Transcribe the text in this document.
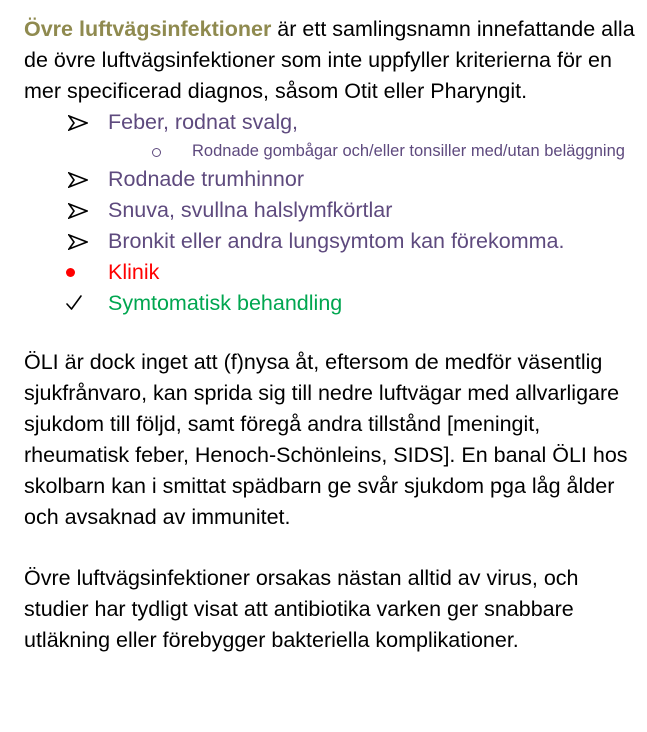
Övre luftvägsinfektioner är ett samlingsnamn innefattande alla de övre luftvägsinfektioner som inte uppfyller kriterierna för en mer specificerad diagnos, såsom Otit eller Pharyngit.

Feber, rodnat svalg,
Rodnade gombågar och/eller tonsiller med/utan beläggning
Rodnade trumhinnor
Snuva, svullna halslymfkörtlar
Bronkit eller andra lungsymtom kan förekomma.
Klinik
Symtomatisk behandling

ÖLI är dock inget att (f)nysa åt, eftersom de medför väsentlig sjukfrånvaro, kan sprida sig till nedre luftvägar med allvarligare sjukdom till följd, samt föregå andra tillstånd [meningit, rheumatisk feber, Henoch-Schönleins, SIDS]. En banal ÖLI hos skolbarn kan i smittat spädbarn ge svår sjukdom pga låg ålder och avsaknad av immunitet.

Övre luftvägsinfektioner orsakas nästan alltid av virus, och studier har tydligt visat att antibiotika varken ger snabbare utläkning eller förebygger bakteriella komplikationer.
